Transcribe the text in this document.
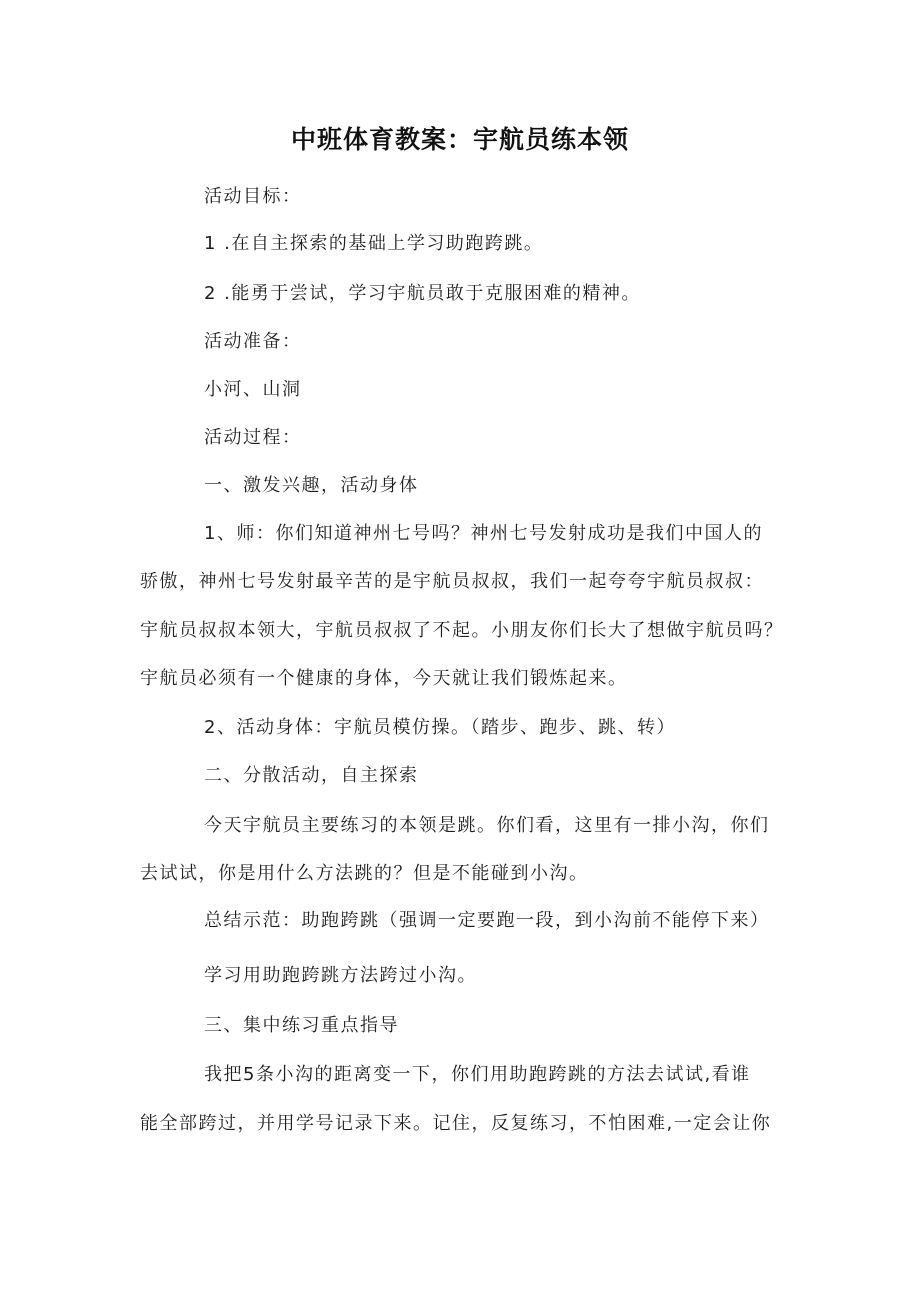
中班体育教案：宇航员练本领
活动目标：
1 .在自主探索的基础上学习助跑跨跳。
2 .能勇于尝试，学习宇航员敢于克服困难的精神。
活动准备：
小河、山洞
活动过程：
一、激发兴趣，活动身体
1、师：你们知道神州七号吗？神州七号发射成功是我们中国人的
骄傲，神州七号发射最辛苦的是宇航员叔叔，我们一起夸夸宇航员叔叔：
宇航员叔叔本领大，宇航员叔叔了不起。小朋友你们长大了想做宇航员吗？
宇航员必须有一个健康的身体，今天就让我们锻炼起来。
2、活动身体：宇航员模仿操。（踏步、跑步、跳、转）
二、分散活动，自主探索
今天宇航员主要练习的本领是跳。你们看，这里有一排小沟，你们
去试试，你是用什么方法跳的？但是不能碰到小沟。
总结示范：助跑跨跳（强调一定要跑一段，到小沟前不能停下来）
学习用助跑跨跳方法跨过小沟。
三、集中练习重点指导
我把5条小沟的距离变一下，你们用助跑跨跳的方法去试试,看谁
能全部跨过，并用学号记录下来。记住，反复练习，不怕困难,一定会让你
